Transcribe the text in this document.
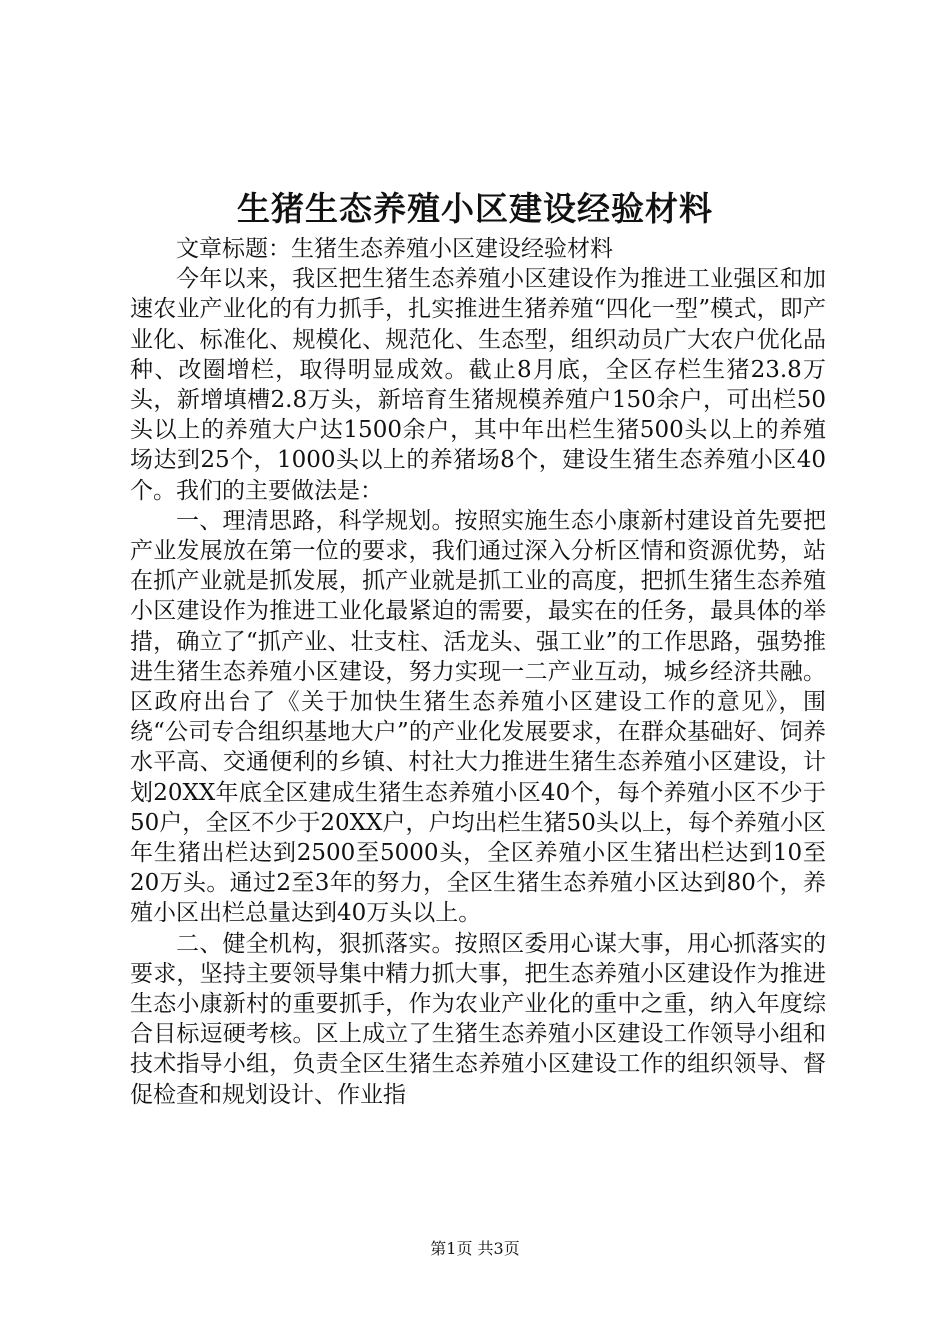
生猪生态养殖小区建设经验材料

文章标题：生猪生态养殖小区建设经验材料

今年以来，我区把生猪生态养殖小区建设作为推进工业强区和加速农业产业化的有力抓手，扎实推进生猪养殖“四化一型”模式，即产业化、标准化、规模化、规范化、生态型，组织动员广大农户优化品种、改圈增栏，取得明显成效。截止8月底，全区存栏生猪23.8万头，新增填槽2.8万头，新培育生猪规模养殖户150余户，可出栏50头以上的养殖大户达1500余户，其中年出栏生猪500头以上的养殖场达到25个，1000头以上的养猪场8个，建设生猪生态养殖小区40个。我们的主要做法是：

一、理清思路，科学规划。按照实施生态小康新村建设首先要把产业发展放在第一位的要求，我们通过深入分析区情和资源优势，站在抓产业就是抓发展，抓产业就是抓工业的高度，把抓生猪生态养殖小区建设作为推进工业化最紧迫的需要，最实在的任务，最具体的举措，确立了“抓产业、壮支柱、活龙头、强工业”的工作思路，强势推进生猪生态养殖小区建设，努力实现一二产业互动，城乡经济共融。区政府出台了《关于加快生猪生态养殖小区建设工作的意见》，围绕“公司专合组织基地大户”的产业化发展要求，在群众基础好、饲养水平高、交通便利的乡镇、村社大力推进生猪生态养殖小区建设，计划20XX年底全区建成生猪生态养殖小区40个，每个养殖小区不少于50户，全区不少于20XX户，户均出栏生猪50头以上，每个养殖小区年生猪出栏达到2500至5000头，全区养殖小区生猪出栏达到10至20万头。通过2至3年的努力，全区生猪生态养殖小区达到80个，养殖小区出栏总量达到40万头以上。

二、健全机构，狠抓落实。按照区委用心谋大事，用心抓落实的要求，坚持主要领导集中精力抓大事，把生态养殖小区建设作为推进生态小康新村的重要抓手，作为农业产业化的重中之重，纳入年度综合目标逗硬考核。区上成立了生猪生态养殖小区建设工作领导小组和技术指导小组，负责全区生猪生态养殖小区建设工作的组织领导、督促检查和规划设计、作业指

第1页 共3页
